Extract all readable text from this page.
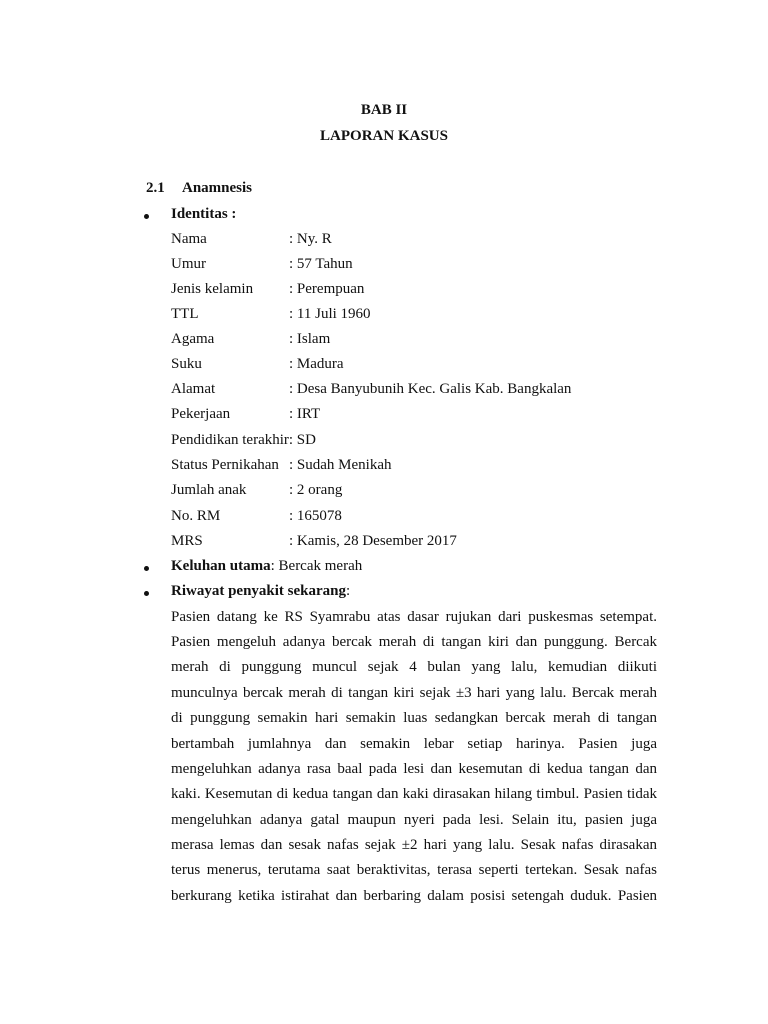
BAB II
LAPORAN KASUS
2.1 Anamnesis
Identitas :
Nama	: Ny. R
Umur	: 57 Tahun
Jenis kelamin : Perempuan
TTL	: 11 Juli 1960
Agama	: Islam
Suku	: Madura
Alamat	: Desa Banyubunih Kec. Galis Kab. Bangkalan
Pekerjaan	: IRT
Pendidikan terakhir: SD
Status Pernikahan : Sudah Menikah
Jumlah anak	: 2 orang
No. RM	: 165078
MRS	: Kamis, 28 Desember 2017
Keluhan utama: Bercak merah
Riwayat penyakit sekarang:
Pasien datang ke RS Syamrabu atas dasar rujukan dari puskesmas setempat.
Pasien mengeluh adanya bercak merah di tangan kiri dan punggung. Bercak
merah di punggung muncul sejak 4 bulan yang lalu, kemudian diikuti
munculnya bercak merah di tangan kiri sejak ±3 hari yang lalu. Bercak merah
di punggung semakin hari semakin luas sedangkan bercak merah di tangan
bertambah jumlahnya dan semakin lebar setiap harinya. Pasien juga
mengeluhkan adanya rasa baal pada lesi dan kesemutan di kedua tangan dan
kaki. Kesemutan di kedua tangan dan kaki dirasakan hilang timbul. Pasien tidak
mengeluhkan adanya gatal maupun nyeri pada lesi. Selain itu, pasien juga
merasa lemas dan sesak nafas sejak ±2 hari yang lalu. Sesak nafas dirasakan
terus menerus, terutama saat beraktivitas, terasa seperti tertekan. Sesak nafas
berkurang ketika istirahat dan berbaring dalam posisi setengah duduk. Pasien
